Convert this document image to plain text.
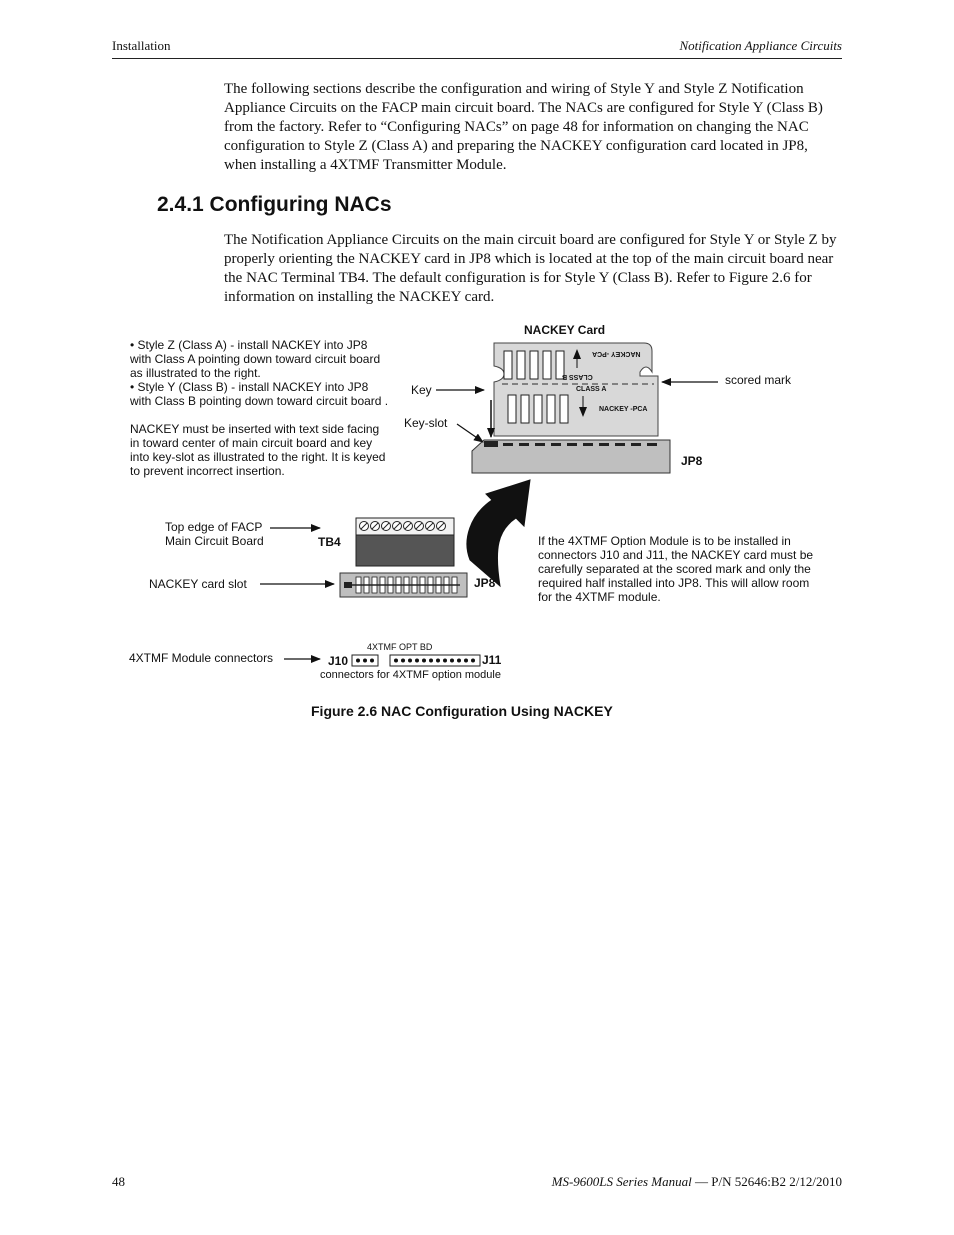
Installation	Notification Appliance Circuits

The following sections describe the configuration and wiring of Style Y and Style Z Notification Appliance Circuits on the FACP main circuit board. The NACs are configured for Style Y (Class B) from the factory. Refer to “Configuring NACs” on page 48 for information on changing the NAC configuration to Style Z (Class A) and preparing the NACKEY configuration card located in JP8, when installing a 4XTMF Transmitter Module.

2.4.1 Configuring NACs

The Notification Appliance Circuits on the main circuit board are configured for Style Y or Style Z by properly orienting the NACKEY card in JP8 which is located at the top of the main circuit board near the NAC Terminal TB4. The default configuration is for Style Y (Class B). Refer to Figure 2.6 for information on installing the NACKEY card.

• Style Z (Class A) - install NACKEY into JP8
with Class A pointing down toward circuit board
as illustrated to the right.
• Style Y (Class B) - install NACKEY into JP8
with Class B pointing down toward circuit board .
NACKEY must be inserted with text side facing
in toward center of main circuit board and key
into key-slot as illustrated to the right. It is keyed
to prevent incorrect insertion.
NACKEY Card
NACKEY -PCA
CLASS B
CLASS A
NACKEY -PCA
Key
Key-slot
scored mark
JP8
Top edge of FACP
Main Circuit Board	TB4
NACKEY card slot	JP8
If the 4XTMF Option Module is to be installed in
connectors J10 and J11, the NACKEY card must be
carefully separated at the scored mark and only the
required half installed into JP8. This will allow room
for the 4XTMF module.
4XTMF OPT BD
4XTMF Module connectors	J10	J11
connectors for 4XTMF option module
Figure 2.6 NAC Configuration Using NACKEY
48	MS-9600LS Series Manual — P/N 52646:B2 2/12/2010
